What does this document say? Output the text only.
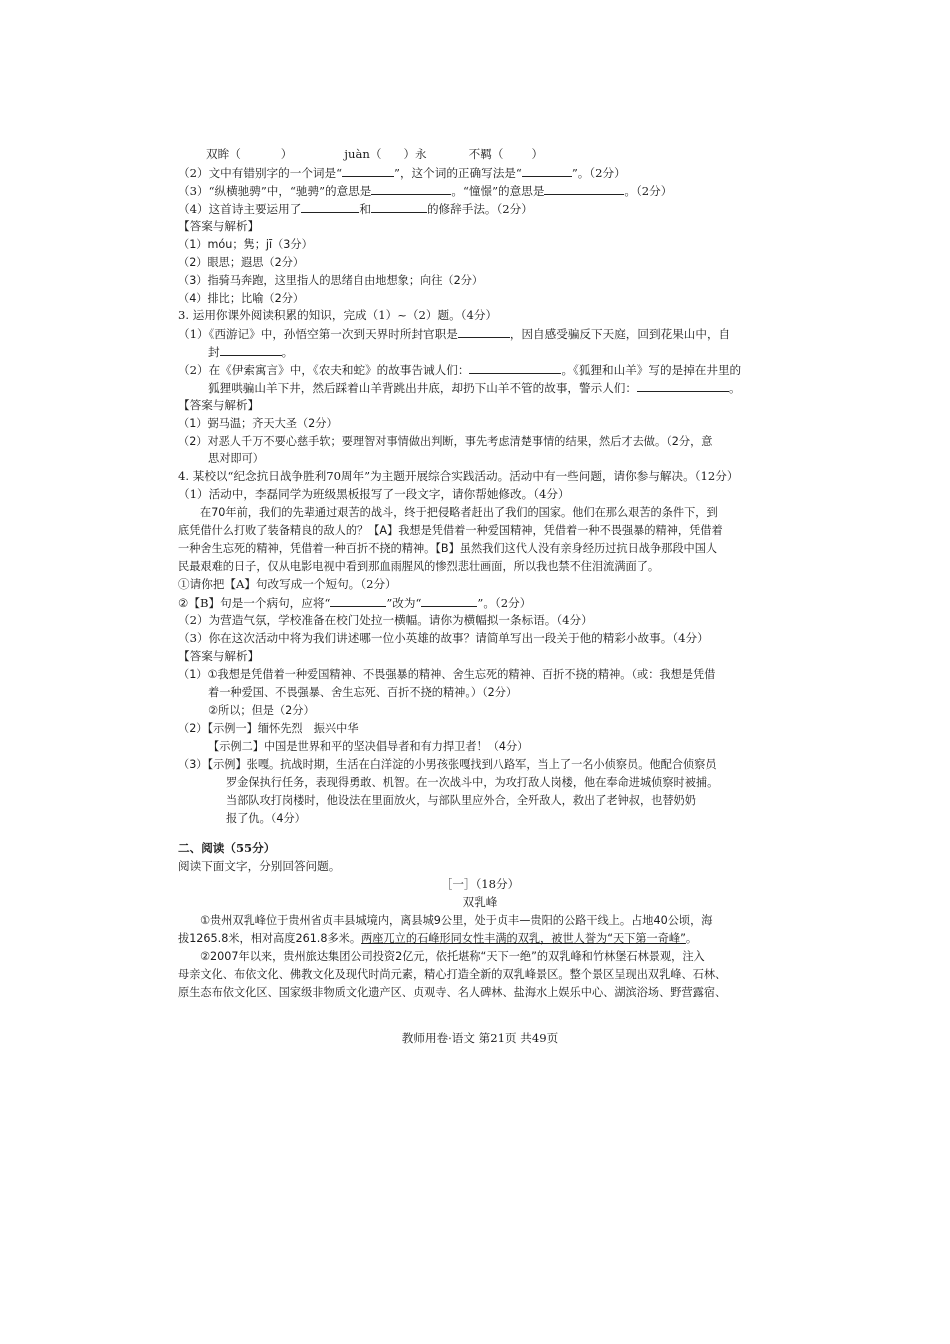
双眸（	）	juàn（ ）永	不羁（ ）
（2）文中有错别字的一个词是“	”，这个词的正确写法是“	”。（2分）
（3）“纵横驰骋”中，“驰骋”的意思是	。“憧憬”的意思是	。（2分）
（4）这首诗主要运用了	和	的修辞手法。（2分）
【答案与解析】
（1）móu；隽；jī（3分）
（2）眼思；遐思（2分）
（3）指骑马奔跑，这里指人的思绪自由地想象；向往（2分）
（4）排比；比喻（2分）
3. 运用你课外阅读积累的知识，完成（1）~（2）题。（4分）
（1）《西游记》中，孙悟空第一次到天界时所封官职是	，因自感受骗反下天庭，回到花果山中，自
封	。
（2）在《伊索寓言》中，《农夫和蛇》的故事告诫人们：	。《狐狸和山羊》写的是掉在井里的
狐狸哄骗山羊下井，然后踩着山羊背跳出井底，却扔下山羊不管的故事，警示人们：	。
【答案与解析】
（1）弼马温；齐天大圣（2分）
（2）对恶人千万不要心慈手软；要理智对事情做出判断，事先考虑清楚事情的结果，然后才去做。（2分，意
思对即可）
4. 某校以“纪念抗日战争胜利70周年”为主题开展综合实践活动。活动中有一些问题，请你参与解决。（12分）
（1）活动中，李磊同学为班级黑板报写了一段文字，请你帮她修改。（4分）
在70年前，我们的先辈通过艰苦的战斗，终于把侵略者赶出了我们的国家。他们在那么艰苦的条件下，到
底凭借什么打败了装备精良的敌人的？【A】我想是凭借着一种爱国精神，凭借着一种不畏强暴的精神，凭借着
一种舍生忘死的精神，凭借着一种百折不挠的精神。【B】虽然我们这代人没有亲身经历过抗日战争那段中国人
民最艰难的日子，仅从电影电视中看到那血雨腥风的惨烈悲壮画面，所以我也禁不住泪流满面了。
①请你把【A】句改写成一个短句。（2分）
②【B】句是一个病句，应将“	”改为“	”。（2分）
（2）为营造气氛，学校准备在校门处拉一横幅。请你为横幅拟一条标语。（4分）
（3）你在这次活动中将为我们讲述哪一位小英雄的故事？请简单写出一段关于他的精彩小故事。（4分）
【答案与解析】
（1）①我想是凭借着一种爱国精神、不畏强暴的精神、舍生忘死的精神、百折不挠的精神。（或：我想是凭借
着一种爱国、不畏强暴、舍生忘死、百折不挠的精神。）（2分）
②所以；但是（2分）
（2）【示例一】缅怀先烈　振兴中华
【示例二】中国是世界和平的坚决倡导者和有力捍卫者！（4分）
（3）【示例】张嘎。抗战时期，生活在白洋淀的小男孩张嘎找到八路军，当上了一名小侦察员。他配合侦察员
罗金保执行任务，表现得勇敢、机智。在一次战斗中，为攻打敌人岗楼，他在奉命进城侦察时被捕。
当部队攻打岗楼时，他设法在里面放火，与部队里应外合，全歼敌人，救出了老钟叔，也替奶奶
报了仇。（4分）
二、阅读（55分）
阅读下面文字，分别回答问题。
［一］（18分）
双乳峰
①贵州双乳峰位于贵州省贞丰县城境内，离县城9公里，处于贞丰—贵阳的公路干线上。占地40公顷，海
拔1265.8米，相对高度261.8多米。两座兀立的石峰形同女性丰满的双乳，被世人誉为“天下第一奇峰”。
②2007年以来，贵州旅达集团公司投资2亿元，依托堪称“天下一绝”的双乳峰和竹林堡石林景观，注入
母亲文化、布依文化、佛教文化及现代时尚元素，精心打造全新的双乳峰景区。整个景区呈现出双乳峰、石林、
原生态布依文化区、国家级非物质文化遗产区、贞观寺、名人碑林、盐海水上娱乐中心、湖滨浴场、野营露宿、
教师用卷·语文 第21页 共49页
